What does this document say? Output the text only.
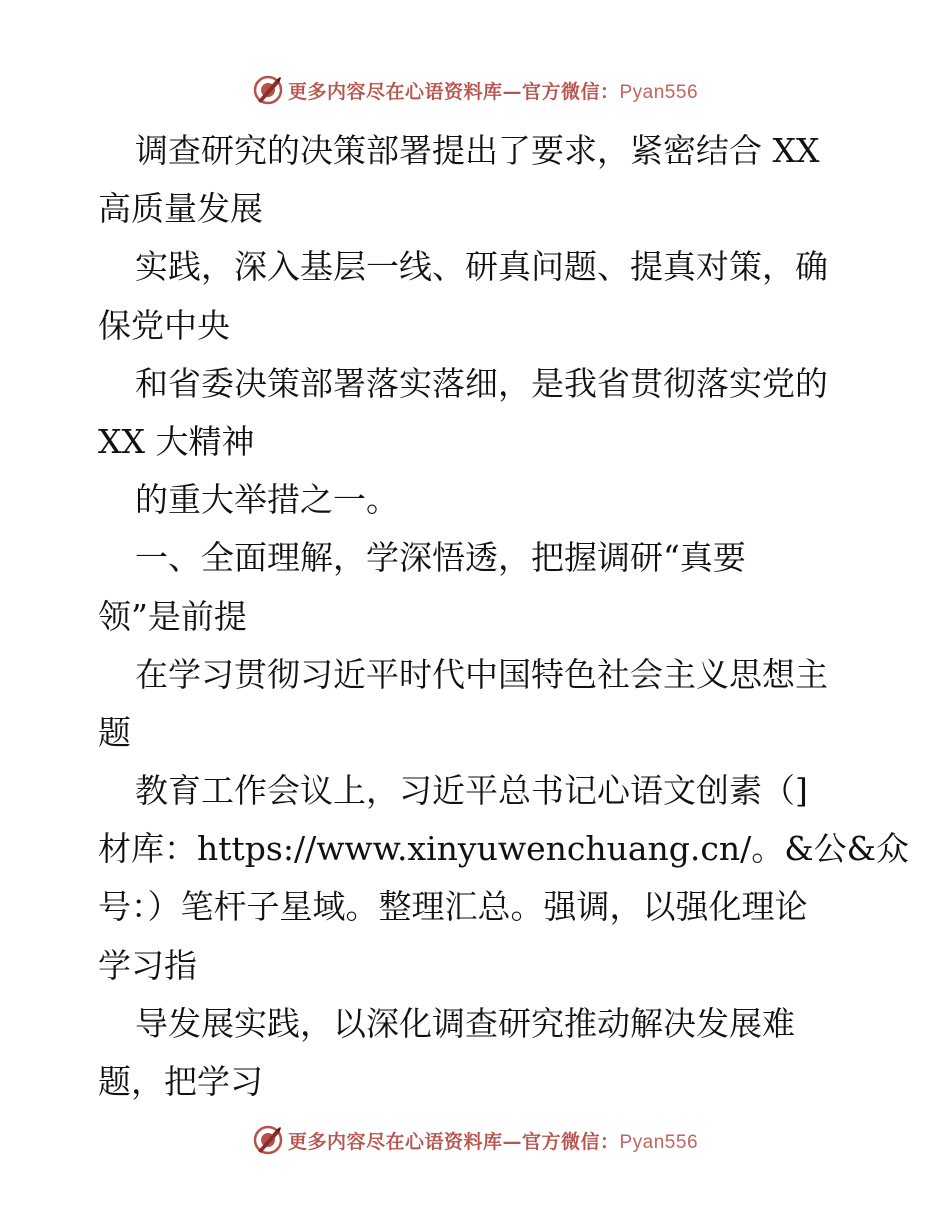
更多内容尽在心语资料库—官方微信：Pyan556
调查研究的决策部署提出了要求，紧密结合 XX
高质量发展
实践，深入基层一线、研真问题、提真对策，确
保党中央
和省委决策部署落实落细，是我省贯彻落实党的
XX 大精神
的重大举措之一。
一、全面理解，学深悟透，把握调研“真要
领”是前提
在学习贯彻习近平时代中国特色社会主义思想主
题
教育工作会议上，习近平总书记心语文创素（]
材库：https://www.xinyuwenchuang.cn/。&公&众
号：）笔杆子星域。整理汇总。强调，以强化理论
学习指
导发展实践，以深化调查研究推动解决发展难
题，把学习
更多内容尽在心语资料库—官方微信：Pyan556
